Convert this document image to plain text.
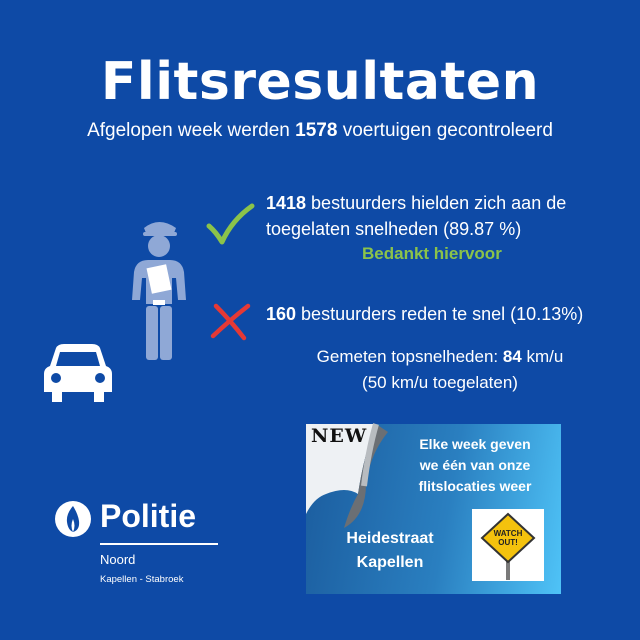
Flitsresultaten
Afgelopen week werden 1578 voertuigen gecontroleerd
1418 bestuurders hielden zich aan de
toegelaten snelheden (89.87 %)
Bedankt hiervoor
160 bestuurders reden te snel (10.13%)
Gemeten topsnelheden: 84 km/u
(50 km/u toegelaten)
Politie
Noord
Kapellen - Stabroek
NEW	Elke week geven
we één van onze
flitslocaties weer
Heidestraat
Kapellen
WATCH
OUT!
